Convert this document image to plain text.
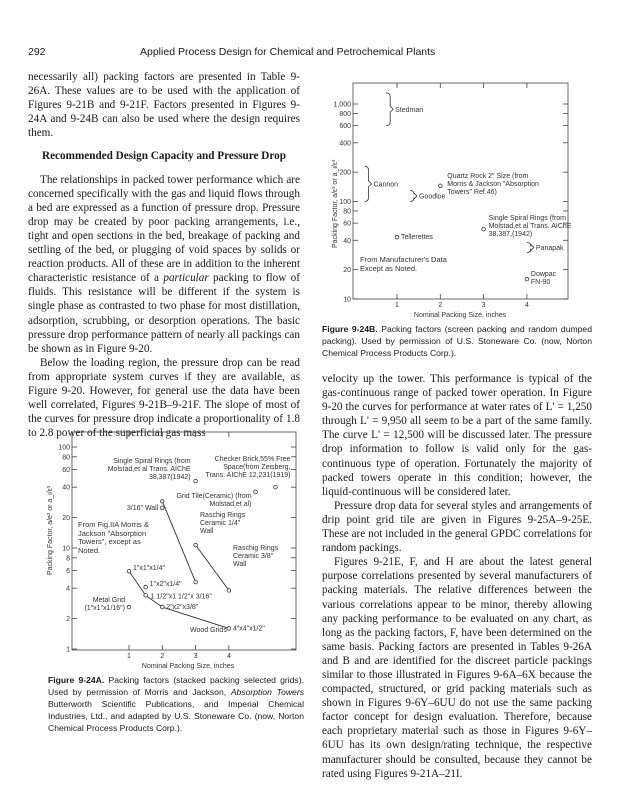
292	Applied Process Design for Chemical and Petrochemical Plants

necessarily all) packing factors are presented in Table 9-26A. These values are to be used with the application of Figures 9-21B and 9-21F. Factors presented in Figures 9-24A and 9-24B can also be used where the design requires them.

Recommended Design Capacity and Pressure Drop

The relationships in packed tower performance which are concerned specifically with the gas and liquid flows through a bed are expressed as a function of pressure drop. Pressure drop may be created by poor packing arrangements, i.e., tight and open sections in the bed, breakage of packing and settling of the bed, or plugging of void spaces by solids or reaction products. All of these are in addition to the inherent characteristic resistance of a particular packing to flow of fluids. This resistance will be different if the system is single phase as contrasted to two phase for most distillation, adsorption, scrubbing, or desorption operations. The basic pressure drop performance pattern of nearly all packings can be shown as in Figure 9-20.

Below the loading region, the pressure drop can be read from appropriate system curves if they are available, as Figure 9-20. However, for general use the data have been well correlated, Figures 9-21B–9-21F. The slope of most of the curves for pressure drop indicate a proportionality of 1.8 to 2.8 power of the superficial gas mass

1	2	3	4
1
2
4
6
8
10
20
40
60
80
100
Raschig Rings
Ceramic 1/4"
Wall
Raschig Rings
Ceramic 3/8"
Wall
1"x1"x1/4"
1 1/2"x1 1/2"x 3/16"
2"x2"x3/8"
4"x4"x1/2"
Wood Grids
1"x2"x1/4"
Checker Brick,55% Free
Space(from Zeisberg,
Trans. AIChE 12,231(1919)
Grid Tile(Ceramic) (from
Molstad,et al)
Single Spiral Rings (from
Molstad,et al Trans. AIChE
38,387(1942)
3/16" Wall
Metal Grid
(1"x1"x1/16")
From Fig.IIA Morris & Jackson "Absorption Towers", except as Noted.
Nominal Packing Size, inches
Packing Factor, a/e³ or a_i/ε³
Figure 9-24A. Packing factors (stacked packing selected grids). Used by permission of Morris and Jackson, Absorption Towers Butterworth Scientific Publications, and Imperial Chemical Industries, Ltd., and adapted by U.S. Stoneware Co. (now, Norton Chemical Process Products Corp.).
1	2	3	4
10
20
40
60
80
100
200
400
600
800
1,000
Quartz Rock 2" Size (from
Morris & Jackson "Absorption
Towers" Ref.46)
Tellerettes
Single Spiral Rings (from
Molstad,et al Trans. AIChE
38,387,(1942)
Dowpac
FN-90
Stedman
Cannon
Goodloe
Panapak
From Manufacturer's Data Except as Noted.
Nominal Packing Size, inches
Packing Factor, a/ε³ or a_i/ε³
Figure 9-24B. Packing factors (screen packing and random dumped packing). Used by permission of U.S. Stoneware Co. (now, Norton Chemical Process Products Corp.).

velocity up the tower. This performance is typical of the gas-continuous range of packed tower operation. In Figure 9-20 the curves for performance at water rates of L' = 1,250 through L' = 9,950 all seem to be a part of the same family. The curve L' = 12,500 will be discussed later. The pressure drop information to follow is valid only for the gas-continuous type of operation. Fortunately the majority of packed towers operate in this condition; however, the liquid-continuous will be considered later.

Pressure drop data for several styles and arrangements of drip point grid tile are given in Figures 9-25A–9-25E. These are not included in the general GPDC correlations for random packings.

Figures 9-21E, F, and H are about the latest general purpose correlations presented by several manufacturers of packing materials. The relative differences between the various correlations appear to be minor, thereby allowing any packing performance to be evaluated on any chart, as long as the packing factors, F, have been determined on the same basis. Packing factors are presented in Tables 9-26A and B and are identified for the discreet particle packings similar to those illustrated in Figures 9-6A–6X because the compacted, structured, or grid packing materials such as shown in Figures 9-6Y–6UU do not use the same packing factor concept for design evaluation. Therefore, because each proprietary material such as those in Figures 9-6Y–6UU has its own design/rating technique, the respective manufacturer should be consulted, because they cannot be rated using Figures 9-21A–21I.
